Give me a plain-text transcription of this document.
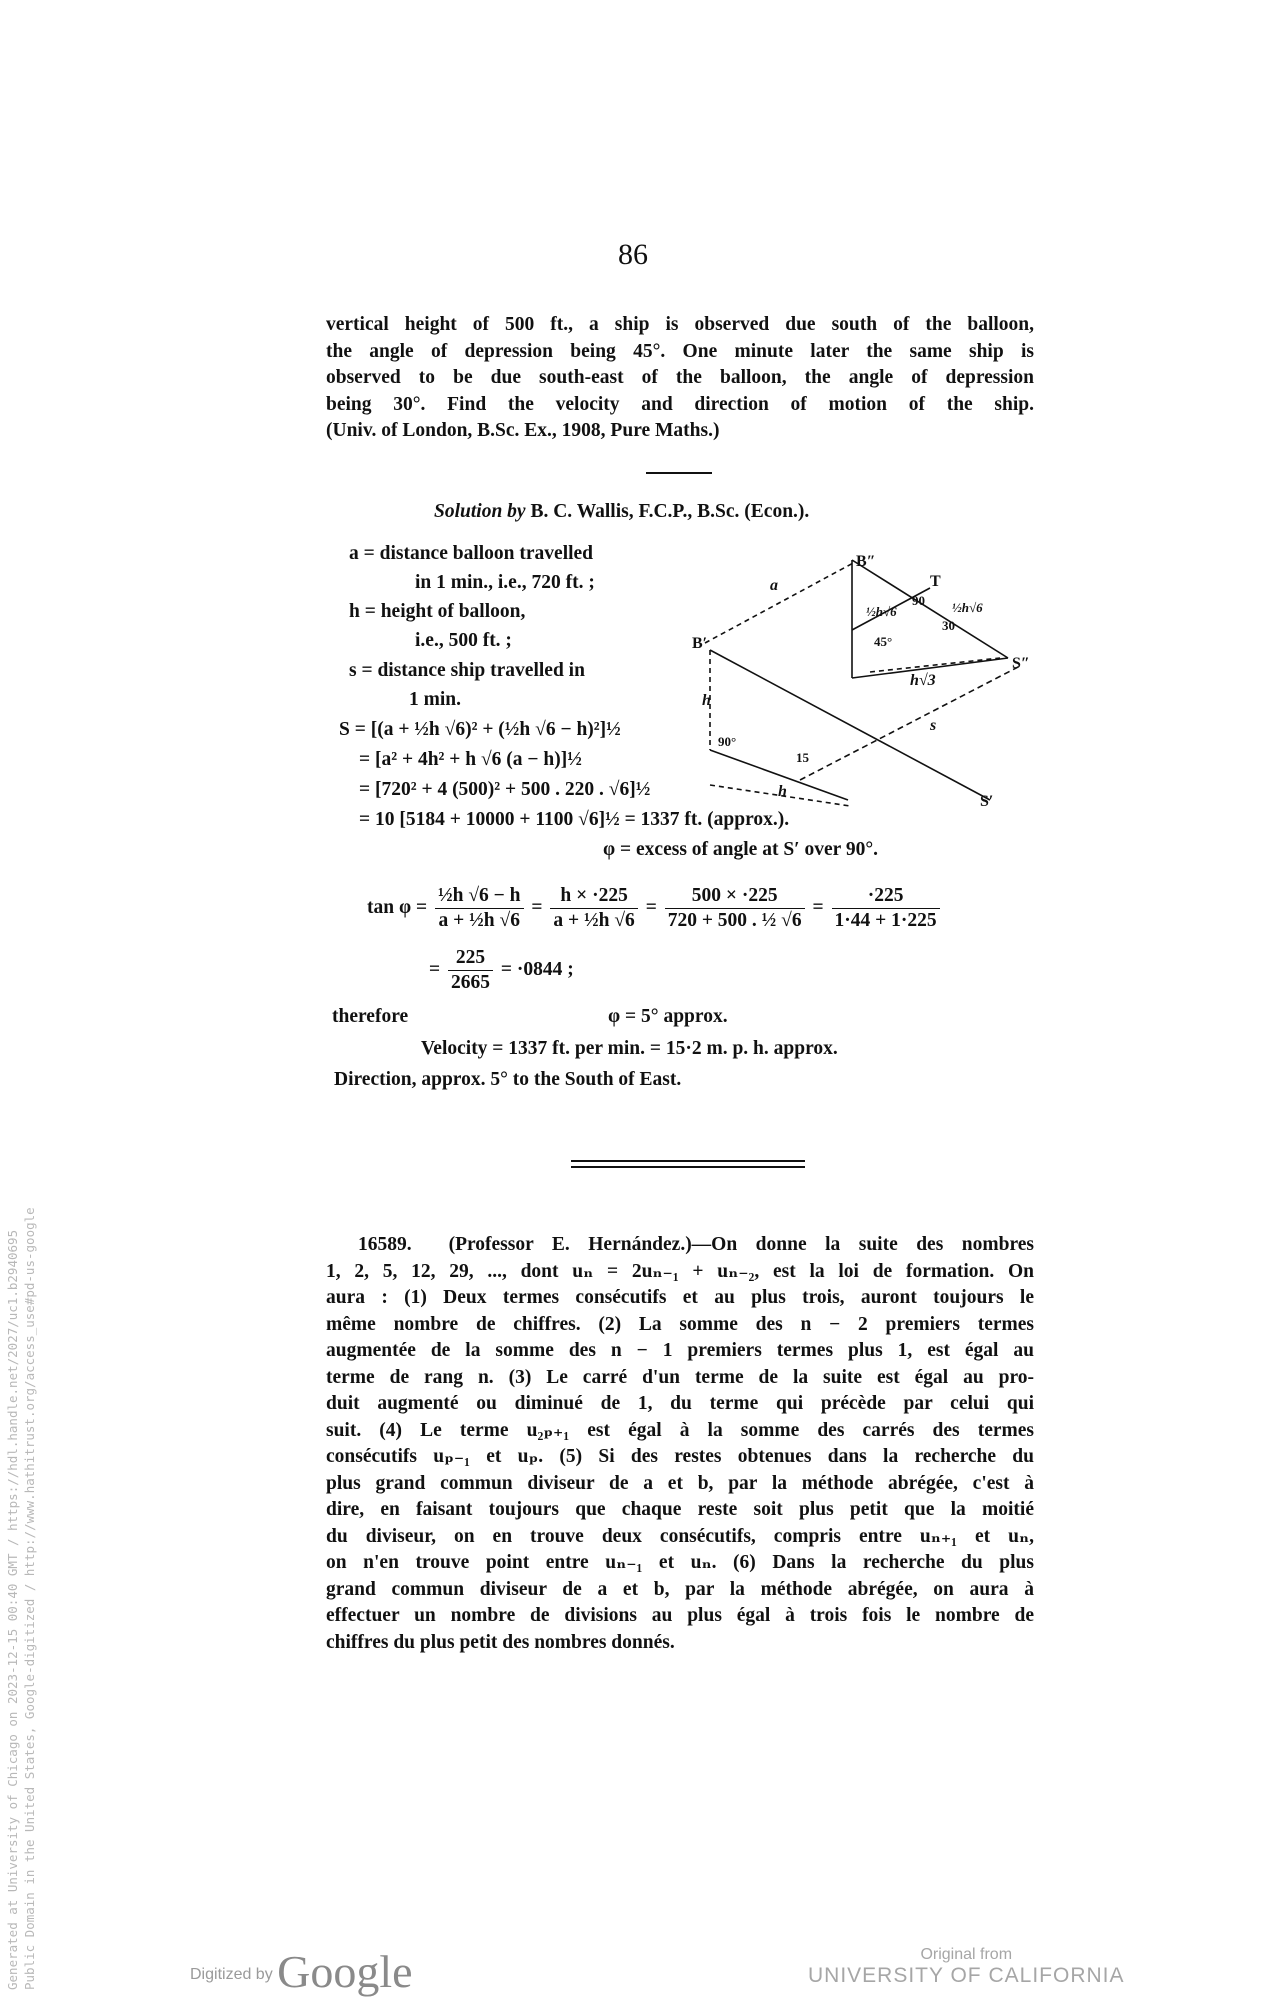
Generated at University of Chicago on 2023-12-15 00:40 GMT / https://hdl.handle.net/2027/uc1.b2940695 Public Domain in the United States, Google-digitized / http://www.hathitrust.org/access_use#pd-us-google
86
vertical height of 500 ft., a ship is observed due south of the balloon,
the angle of depression being 45°. One minute later the same ship is
observed to be due south-east of the balloon, the angle of depression
being 30°. Find the velocity and direction of motion of the ship.
(Univ. of London, B.Sc. Ex., 1908, Pure Maths.)
Solution by B. C. Wallis, F.C.P., B.Sc. (Econ.).
a = distance balloon travelled
in 1 min., i.e., 720 ft. ;
h = height of balloon,
i.e., 500 ft. ;
s = distance ship travelled in
1 min.
B″
B′
S″
S′
T
a
h
h
s
30
90
½h√6	½h√6
45°
h√3
90°
15
S = [(a + ½h √6)² + (½h √6 − h)²]½
= [a² + 4h² + h √6 (a − h)]½
= [720² + 4 (500)² + 500 . 220 . √6]½
= 10 [5184 + 10000 + 1100 √6]½ = 1337 ft. (approx.).
φ = excess of angle at S′ over 90°.
$\tan \varphi = \frac{\text{½h √6 − h}}{\text{a + ½h √6}} = \frac{h \times \cdot 225}{\text{a + ½h √6}} = \frac{500 \times \cdot 225}{\text{720 + 500 . ½ √6}} = \frac{\cdot 225}{1\cdot 44 + 1\cdot 225}$
= $\frac{225}{2665} = \cdot 0844$ ;
therefore	φ = 5° approx.
Velocity = 1337 ft. per min. = 15·2 m. p. h. approx.
Direction, approx. 5° to the South of East.
16589. (Professor E. Hernández.)—On donne la suite des nombres
1, 2, 5, 12, 29, ..., dont uₙ = 2uₙ₋₁ + uₙ₋₂, est la loi de formation. On
aura : (1) Deux termes consécutifs et au plus trois, auront toujours le
même nombre de chiffres. (2) La somme des n − 2 premiers termes
augmentée de la somme des n − 1 premiers termes plus 1, est égal au
terme de rang n. (3) Le carré d'un terme de la suite est égal au pro-
duit augmenté ou diminué de 1, du terme qui précède par celui qui
suit. (4) Le terme u₂ₚ₊₁ est égal à la somme des carrés des termes
consécutifs uₚ₋₁ et uₚ. (5) Si des restes obtenues dans la recherche du
plus grand commun diviseur de a et b, par la méthode abrégée, c'est à
dire, en faisant toujours que chaque reste soit plus petit que la moitié
du diviseur, on en trouve deux consécutifs, compris entre uₙ₊₁ et uₙ,
on n'en trouve point entre uₙ₋₁ et uₙ. (6) Dans la recherche du plus
grand commun diviseur de a et b, par la méthode abrégée, on aura à
effectuer un nombre de divisions au plus égal à trois fois le nombre de
chiffres du plus petit des nombres donnés.
Digitized by Google	Original from
UNIVERSITY OF CALIFORNIA
